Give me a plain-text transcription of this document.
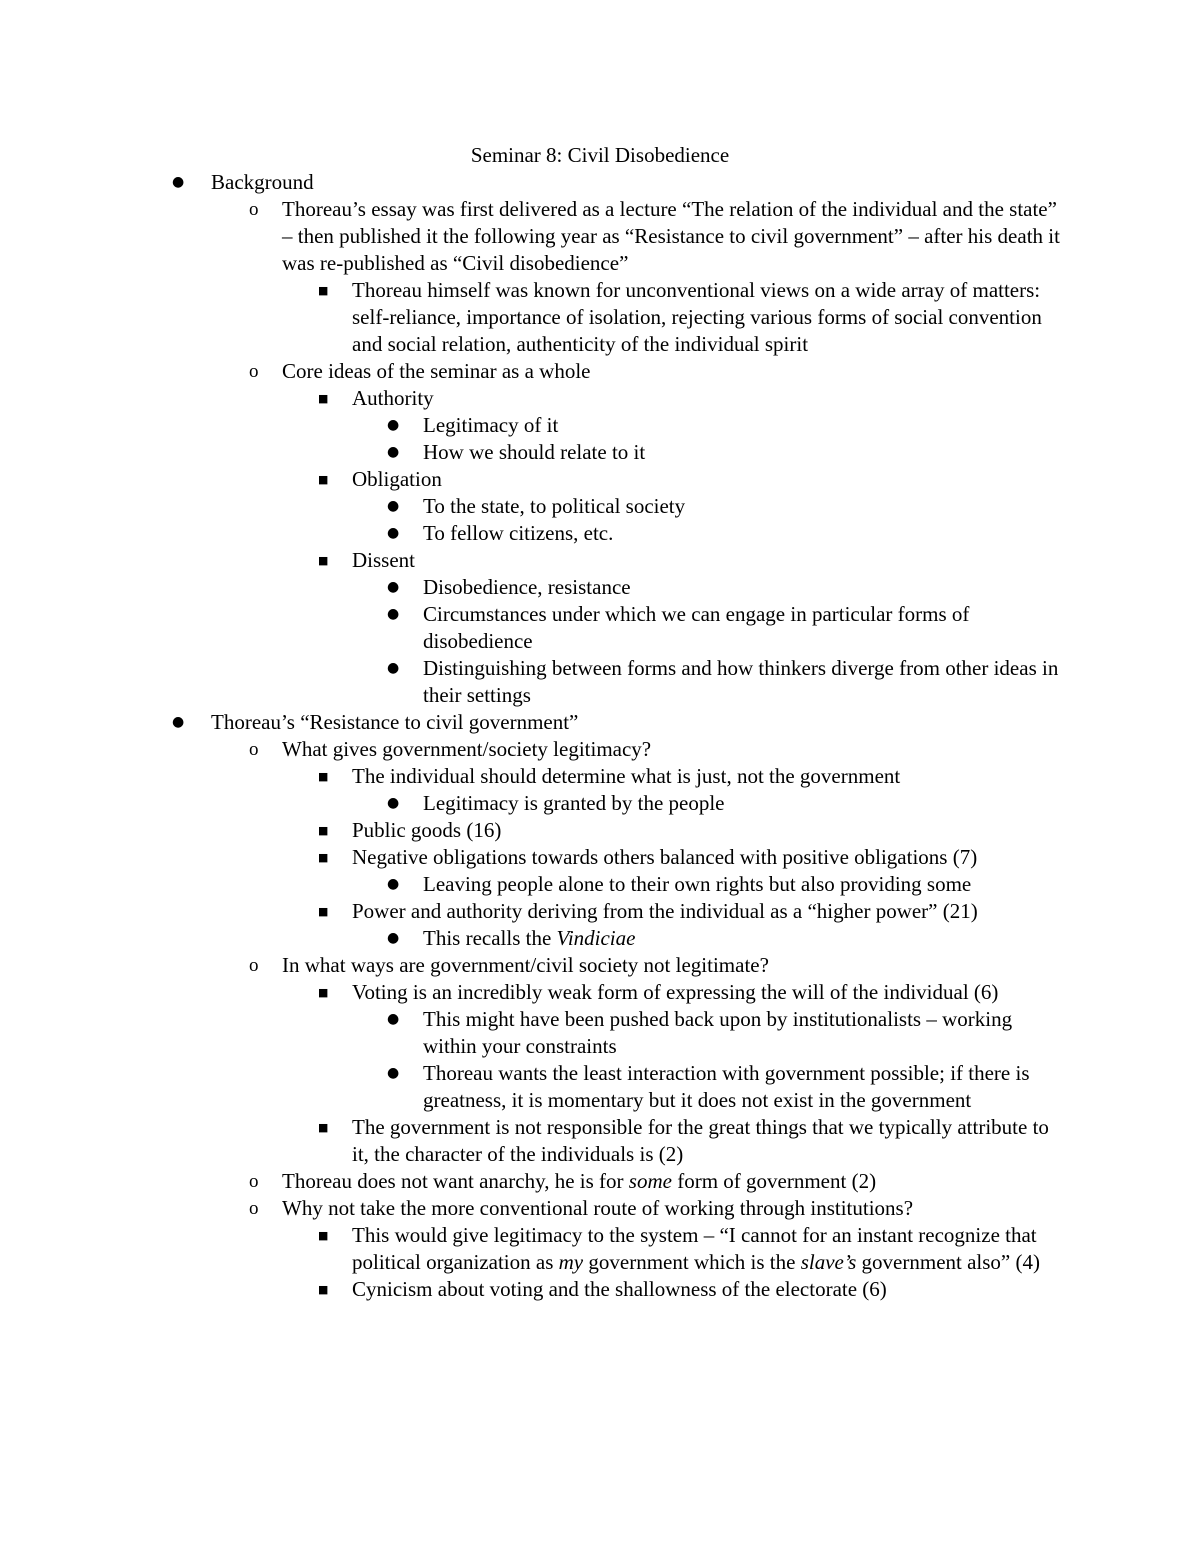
Seminar 8: Civil Disobedience
● Background
o Thoreau’s essay was first delivered as a lecture “The relation of the individual and the state” – then published it the following year as “Resistance to civil government” – after his death it was re-published as “Civil disobedience”
■ Thoreau himself was known for unconventional views on a wide array of matters: self-reliance, importance of isolation, rejecting various forms of social convention and social relation, authenticity of the individual spirit
o Core ideas of the seminar as a whole
■ Authority
● Legitimacy of it
● How we should relate to it
■ Obligation
● To the state, to political society
● To fellow citizens, etc.
■ Dissent
● Disobedience, resistance
● Circumstances under which we can engage in particular forms of disobedience
● Distinguishing between forms and how thinkers diverge from other ideas in their settings
● Thoreau’s “Resistance to civil government”
o What gives government/society legitimacy?
■ The individual should determine what is just, not the government
● Legitimacy is granted by the people
■ Public goods (16)
■ Negative obligations towards others balanced with positive obligations (7)
● Leaving people alone to their own rights but also providing some
■ Power and authority deriving from the individual as a “higher power” (21)
● This recalls the Vindiciae
o In what ways are government/civil society not legitimate?
■ Voting is an incredibly weak form of expressing the will of the individual (6)
● This might have been pushed back upon by institutionalists – working within your constraints
● Thoreau wants the least interaction with government possible; if there is greatness, it is momentary but it does not exist in the government
■ The government is not responsible for the great things that we typically attribute to it, the character of the individuals is (2)
o Thoreau does not want anarchy, he is for some form of government (2)
o Why not take the more conventional route of working through institutions?
■ This would give legitimacy to the system – “I cannot for an instant recognize that political organization as my government which is the slave’s government also” (4)
■ Cynicism about voting and the shallowness of the electorate (6)
